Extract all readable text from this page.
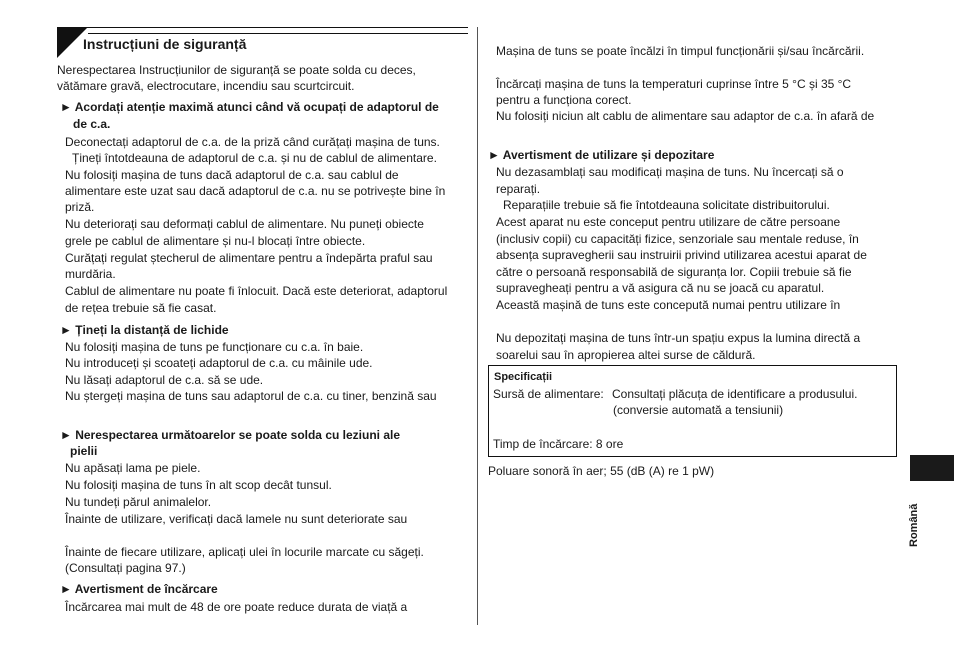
Instrucțiuni de siguranță
Nerespectarea Instrucțiunilor de siguranță se poate solda cu deces,
vătămare gravă, electrocutare, incendiu sau scurtcircuit.
► Acordați atenție maximă atunci când vă ocupați de adaptorul de
de c.a.
Deconectați adaptorul de c.a. de la priză când curățați mașina de tuns.
Țineți întotdeauna de adaptorul de c.a. și nu de cablul de alimentare.
Nu folosiți mașina de tuns dacă adaptorul de c.a. sau cablul de
alimentare este uzat sau dacă adaptorul de c.a. nu se potrivește bine în
priză.
Nu deteriorați sau deformați cablul de alimentare. Nu puneți obiecte
grele pe cablul de alimentare și nu-l blocați între obiecte.
Curățați regulat ștecherul de alimentare pentru a îndepărta praful sau
murdăria.
Cablul de alimentare nu poate fi înlocuit. Dacă este deteriorat, adaptorul
de rețea trebuie să fie casat.
► Țineți la distanță de lichide
Nu folosiți mașina de tuns pe funcționare cu c.a. în baie.
Nu introduceți și scoateți adaptorul de c.a. cu mâinile ude.
Nu lăsați adaptorul de c.a. să se ude.
Nu ștergeți mașina de tuns sau adaptorul de c.a. cu tiner, benzină sau
► Nerespectarea următoarelor se poate solda cu leziuni ale
pielii
Nu apăsați lama pe piele.
Nu folosiți mașina de tuns în alt scop decât tunsul.
Nu tundeți părul animalelor.
Înainte de utilizare, verificați dacă lamele nu sunt deteriorate sau
Înainte de fiecare utilizare, aplicați ulei în locurile marcate cu săgeți.
(Consultați pagina 97.)
► Avertisment de încărcare
Încărcarea mai mult de 48 de ore poate reduce durata de viață a
Mașina de tuns se poate încălzi în timpul funcționării și/sau încărcării.
Încărcați mașina de tuns la temperaturi cuprinse între 5 °C și 35 °C
pentru a funcționa corect.
Nu folosiți niciun alt cablu de alimentare sau adaptor de c.a. în afară de
► Avertisment de utilizare și depozitare
Nu dezasamblați sau modificați mașina de tuns. Nu încercați să o
reparați.
Reparațiile trebuie să fie întotdeauna solicitate distribuitorului.
Acest aparat nu este conceput pentru utilizare de către persoane
(inclusiv copii) cu capacități fizice, senzoriale sau mentale reduse, în
absența supravegherii sau instruirii privind utilizarea acestui aparat de
către o persoană responsabilă de siguranța lor. Copiii trebuie să fie
supravegheați pentru a vă asigura că nu se joacă cu aparatul.
Această mașină de tuns este concepută numai pentru utilizare în
Nu depozitați mașina de tuns într-un spațiu expus la lumina directă a
soarelui sau în apropierea altei surse de căldură.
Specificații
Sursă de alimentare: Consultați plăcuța de identificare a produsului.
(conversie automată a tensiunii)
Timp de încărcare: 8 ore
Poluare sonoră în aer; 55 (dB (A) re 1 pW)
Română
